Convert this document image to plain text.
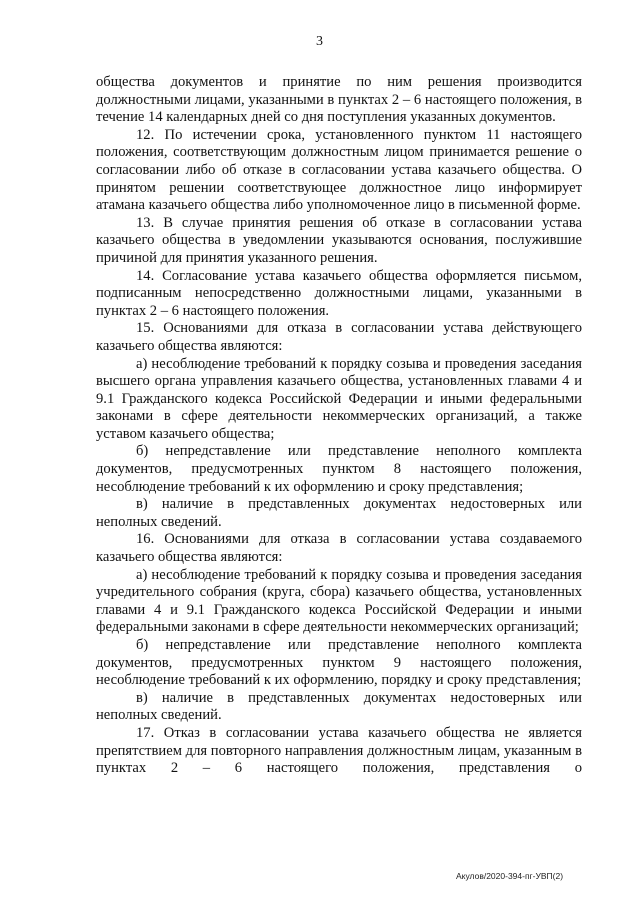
3

общества документов и принятие по ним решения производится должностными лицами, указанными в пунктах 2 – 6 настоящего положения, в течение 14 календарных дней со дня поступления указанных документов.

12. По истечении срока, установленного пунктом 11 настоящего положения, соответствующим должностным лицом принимается решение о согласовании либо об отказе в согласовании устава казачьего общества. О принятом решении соответствующее должностное лицо информирует атамана казачьего общества либо уполномоченное лицо в письменной форме.

13. В случае принятия решения об отказе в согласовании устава казачьего общества в уведомлении указываются основания, послужившие причиной для принятия указанного решения.

14. Согласование устава казачьего общества оформляется письмом, подписанным непосредственно должностными лицами, указанными в пунктах 2 – 6 настоящего положения.

15. Основаниями для отказа в согласовании устава действующего казачьего общества являются:

а) несоблюдение требований к порядку созыва и проведения заседания высшего органа управления казачьего общества, установленных главами 4 и 9.1 Гражданского кодекса Российской Федерации и иными федеральными законами в сфере деятельности некоммерческих организаций, а также уставом казачьего общества;

б) непредставление или представление неполного комплекта документов, предусмотренных пунктом 8 настоящего положения, несоблюдение требований к их оформлению и сроку представления;

в) наличие в представленных документах недостоверных или неполных сведений.

16. Основаниями для отказа в согласовании устава создаваемого казачьего общества являются:

а) несоблюдение требований к порядку созыва и проведения заседания учредительного собрания (круга, сбора) казачьего общества, установленных главами 4 и 9.1 Гражданского кодекса Российской Федерации и иными федеральными законами в сфере деятельности некоммерческих организаций;

б) непредставление или представление неполного комплекта документов, предусмотренных пунктом 9 настоящего положения, несоблюдение требований к их оформлению, порядку и сроку представления;

в) наличие в представленных документах недостоверных или неполных сведений.

17. Отказ в согласовании устава казачьего общества не является препятствием для повторного направления должностным лицам, указанным в пунктах 2 – 6 настоящего положения, представления о

Акулов/2020-394-пг-УВП(2)
